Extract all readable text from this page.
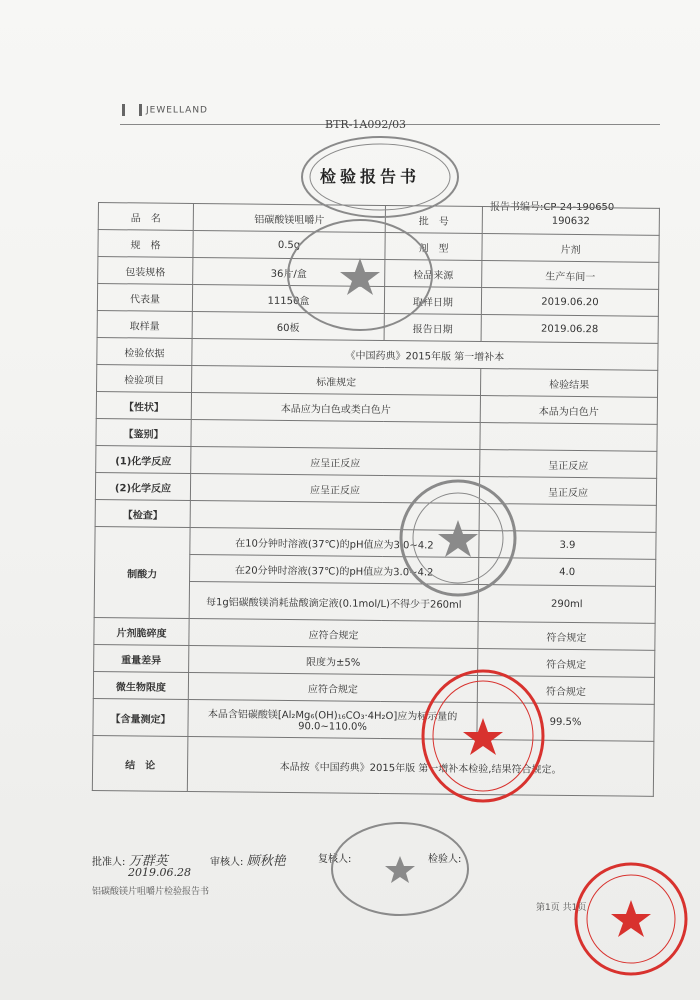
JEWELLAND
BTR-1A092/03
检验报告书
报告书编号:CP-24-190650
品　名	铝碳酸镁咀嚼片	批　号	190632
规　格	0.5g	剂　型	片剂
包装规格	36片/盒	检品来源	生产车间一
代表量	11150盒	取样日期	2019.06.20
取样量	60板	报告日期	2019.06.28
检验依据	《中国药典》2015年版 第一增补本		
检验项目	标准规定		检验结果
【性状】	本品应为白色或类白色片		本品为白色片
【鉴别】			
(1)化学反应	应呈正反应		呈正反应
(2)化学反应	应呈正反应		呈正反应
【检查】			
制酸力	在10分钟时溶液(37℃)的pH值应为3.0~4.2		3.9
	在20分钟时溶液(37℃)的pH值应为3.0~4.2		4.0
	每1g铝碳酸镁消耗盐酸滴定液(0.1mol/L)不得少于260ml		290ml
片剂脆碎度	应符合规定		符合规定
重量差异	限度为±5%		符合规定
微生物限度	应符合规定		符合规定
【含量测定】	本品含铝碳酸镁[Al₂Mg₆(OH)₁₆CO₃·4H₂O]应为标示量的90.0~110.0%		99.5%
结　论	本品按《中国药典》2015年版 第一增补本检验,结果符合规定。		
批准人: 万群英	审核人: 顾秋艳	复核人:	检验人:
2019.06.28
铝碳酸镁片咀嚼片检验报告书
第1页 共1页
